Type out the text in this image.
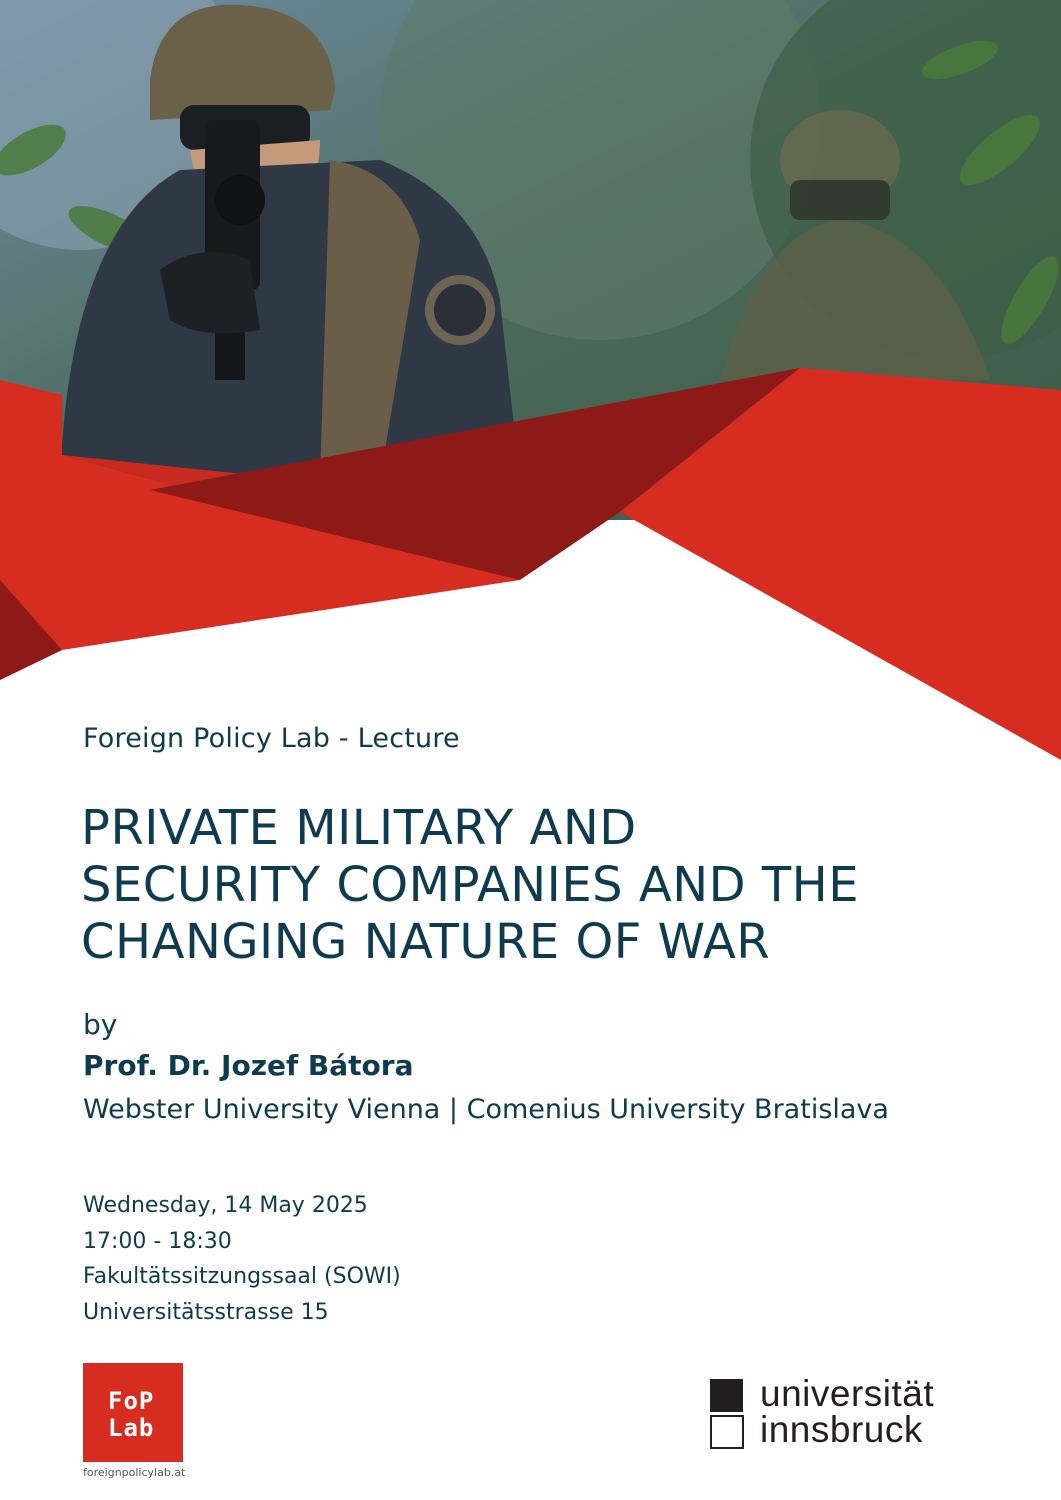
Foreign Policy Lab - Lecture
PRIVATE MILITARY AND
SECURITY COMPANIES AND THE
CHANGING NATURE OF WAR
by
Prof. Dr. Jozef Bátora
Webster University Vienna | Comenius University Bratislava
Wednesday, 14 May 2025
17:00 - 18:30
Fakultätssitzungssaal (SOWI)
Universitätsstrasse 15
FoP
Lab
foreignpolicylab.at
universität
innsbruck
